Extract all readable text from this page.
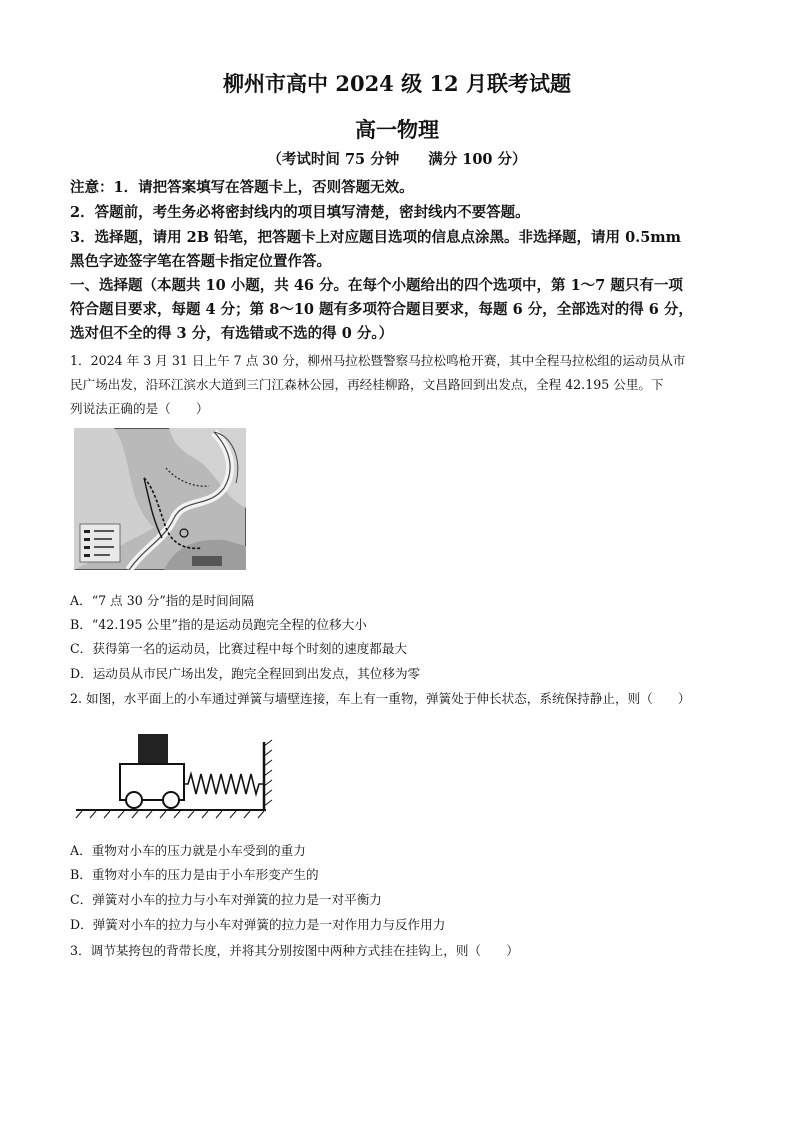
柳州市高中 2024 级 12 月联考试题
高一物理
（考试时间 75 分钟　　满分 100 分）
注意：1．请把答案填写在答题卡上，否则答题无效。
2．答题前，考生务必将密封线内的项目填写清楚，密封线内不要答题。
3．选择题，请用 2B 铅笔，把答题卡上对应题目选项的信息点涂黑。非选择题，请用 0.5mm
黑色字迹签字笔在答题卡指定位置作答。
一、选择题（本题共 10 小题，共 46 分。在每个小题给出的四个选项中，第 1～7 题只有一项
符合题目要求，每题 4 分；第 8～10 题有多项符合题目要求，每题 6 分，全部选对的得 6 分，
选对但不全的得 3 分，有选错或不选的得 0 分。）
1．2024 年 3 月 31 日上午 7 点 30 分，柳州马拉松暨警察马拉松鸣枪开赛，其中全程马拉松组的运动员从市
民广场出发，沿环江滨水大道到三门江森林公园，再经桂柳路，文昌路回到出发点，全程 42.195 公里。下
列说法正确的是（　　）
A．“7 点 30 分”指的是时间间隔
B．“42.195 公里”指的是运动员跑完全程的位移大小
C．获得第一名的运动员，比赛过程中每个时刻的速度都最大
D．运动员从市民广场出发，跑完全程回到出发点，其位移为零
2. 如图，水平面上的小车通过弹簧与墙壁连接，车上有一重物，弹簧处于伸长状态，系统保持静止，则（　　）
A．重物对小车的压力就是小车受到的重力
B．重物对小车的压力是由于小车形变产生的
C．弹簧对小车的拉力与小车对弹簧的拉力是一对平衡力
D．弹簧对小车的拉力与小车对弹簧的拉力是一对作用力与反作用力
3．调节某挎包的背带长度，并将其分别按图中两种方式挂在挂钩上，则（　　）
